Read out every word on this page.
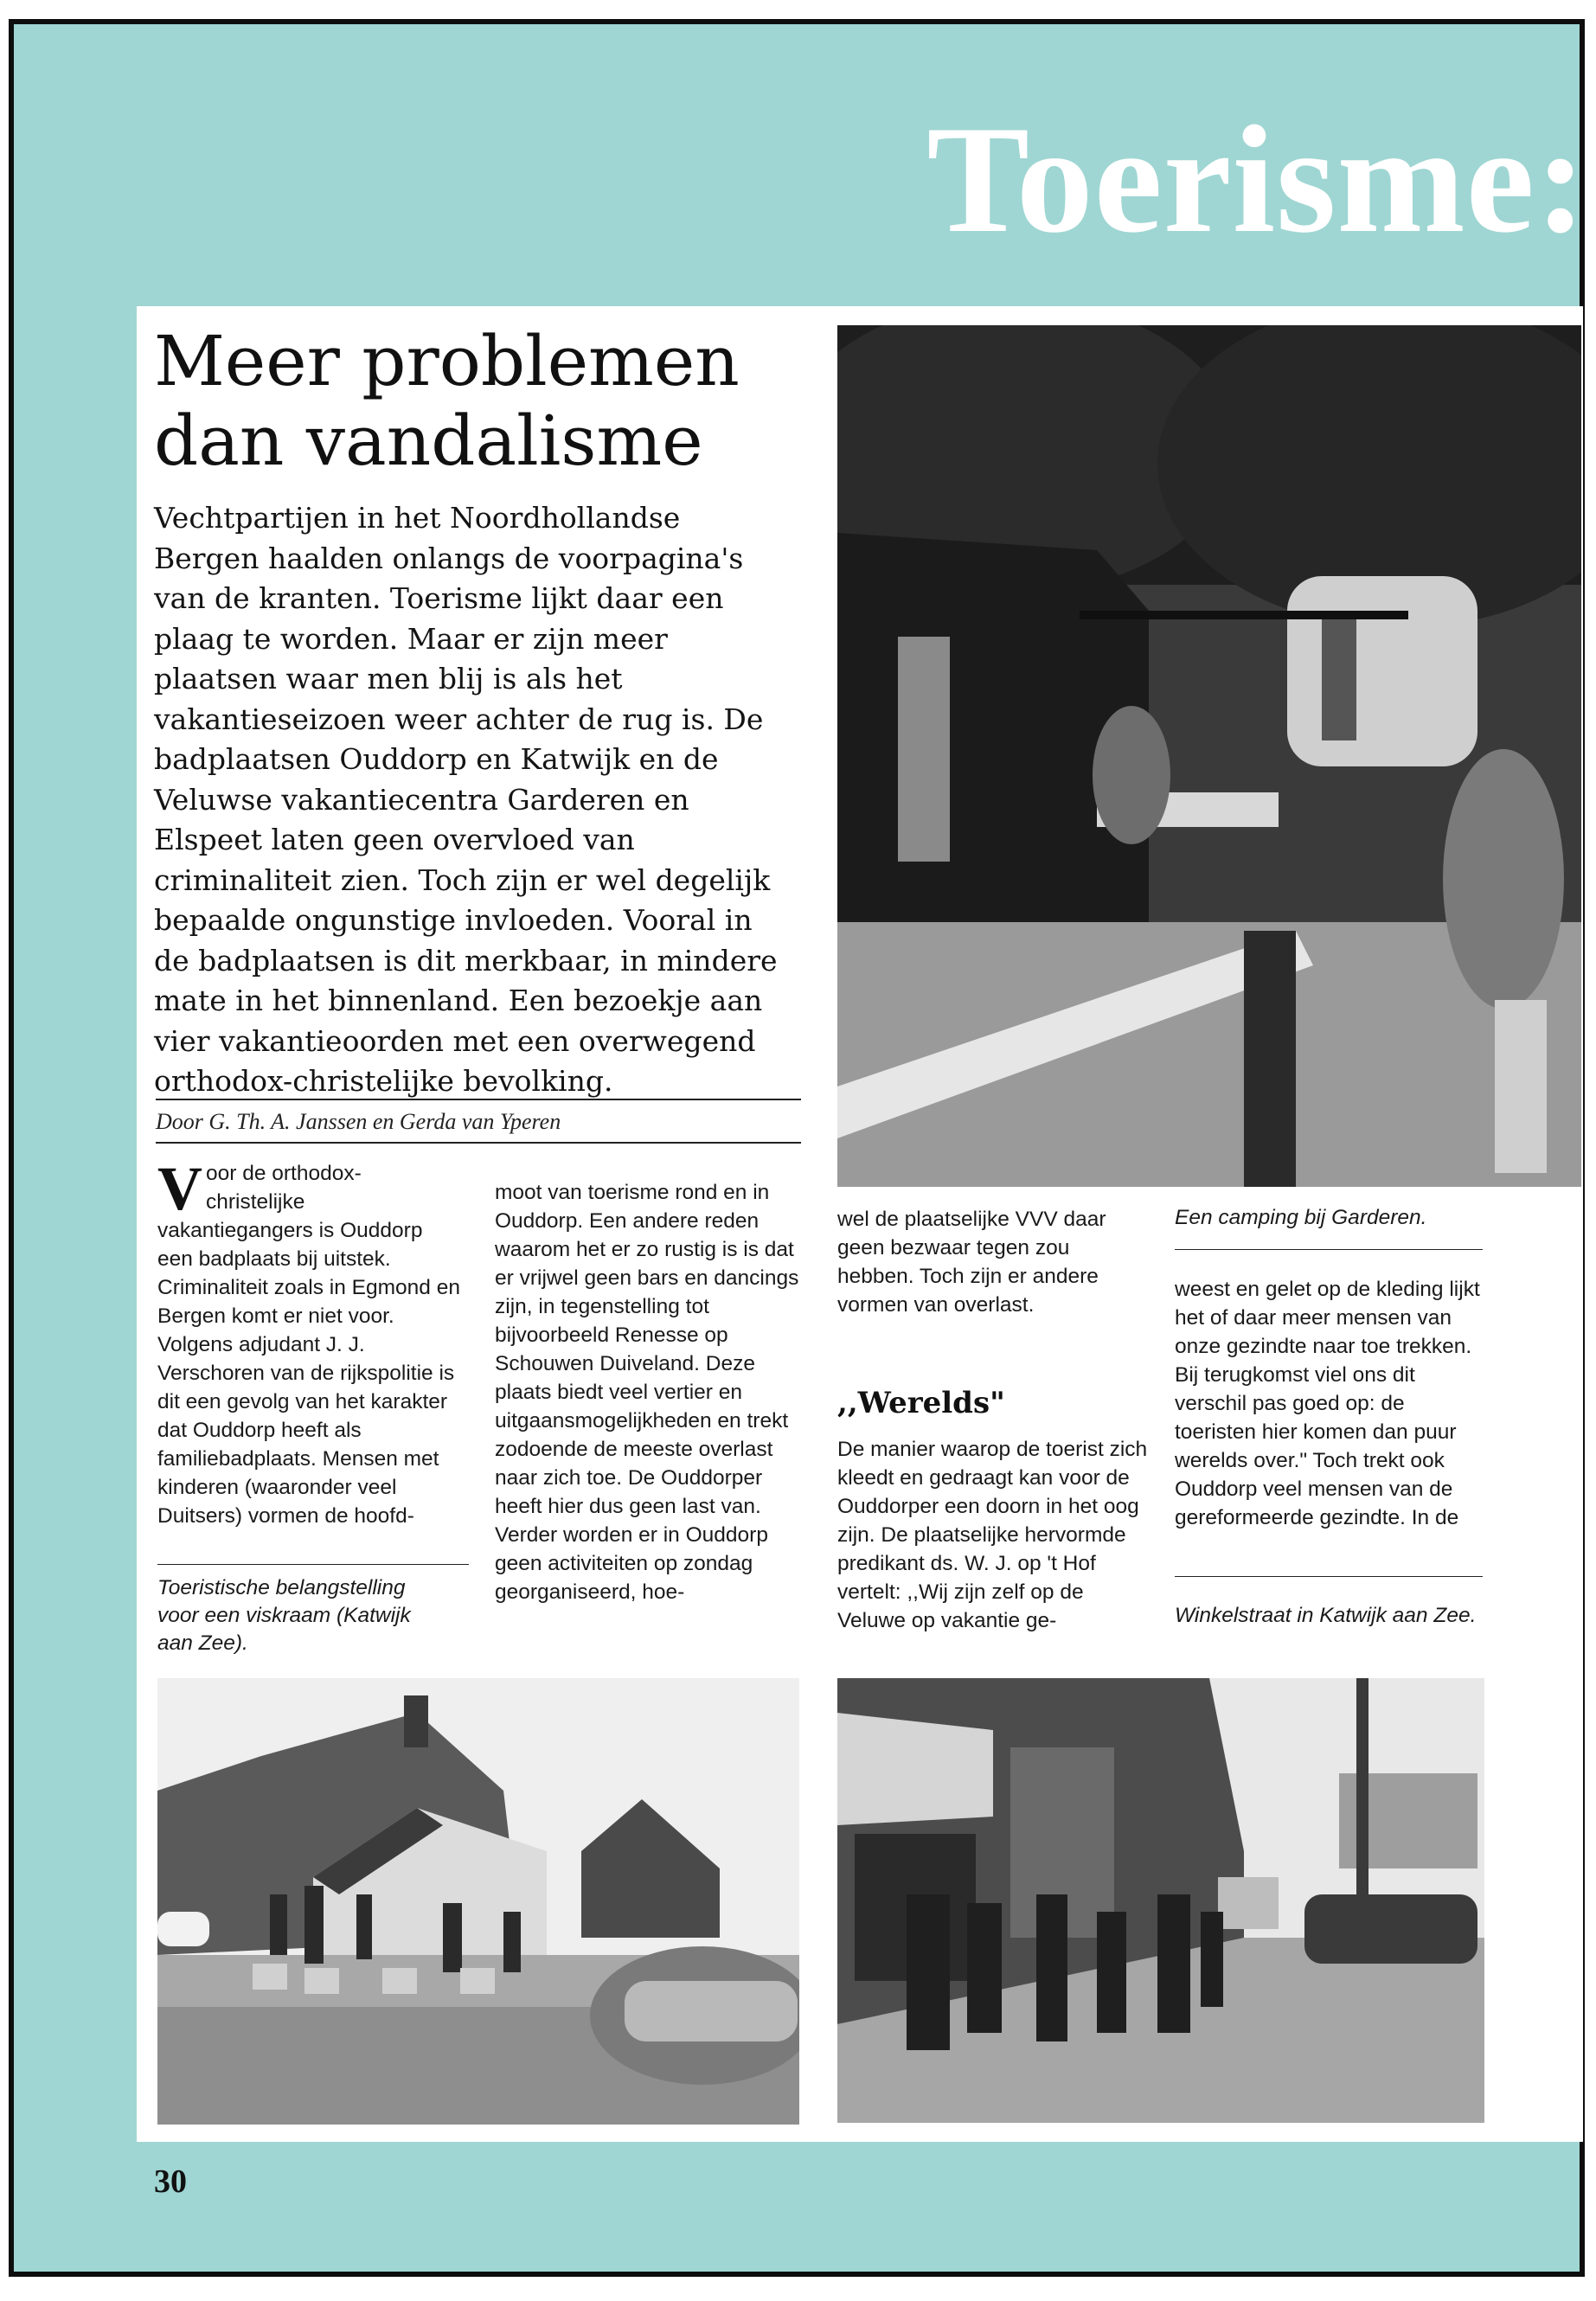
Toerisme:
Meer problemen dan vandalisme

Vechtpartijen in het Noordhollandse Bergen haalden onlangs de voorpagina's van de kranten. Toerisme lijkt daar een plaag te worden. Maar er zijn meer plaatsen waar men blij is als het vakantieseizoen weer achter de rug is. De badplaatsen Ouddorp en Katwijk en de Veluwse vakantiecentra Garderen en Elspeet laten geen overvloed van criminaliteit zien. Toch zijn er wel degelijk bepaalde ongunstige invloeden. Vooral in de badplaatsen is dit merkbaar, in mindere mate in het binnenland. Een bezoekje aan vier vakantieoorden met een overwegend orthodox-christelijke bevolking.

Door G. Th. A. Janssen en Gerda van Yperen

Voor de orthodox-christelijke vakantiegangers is Ouddorp een badplaats bij uitstek. Criminaliteit zoals in Egmond en Bergen komt er niet voor. Volgens adjudant J. J. Verschoren van de rijkspolitie is dit een gevolg van het karakter dat Ouddorp heeft als familiebadplaats. Mensen met kinderen (waaronder veel Duitsers) vormen de hoofd-

Toeristische belangstelling voor een viskraam (Katwijk aan Zee).

moot van toerisme rond en in Ouddorp. Een andere reden waarom het er zo rustig is is dat er vrijwel geen bars en dancings zijn, in tegenstelling tot bijvoorbeeld Renesse op Schouwen Duiveland. Deze plaats biedt veel vertier en uitgaansmogelijkheden en trekt zodoende de meeste overlast naar zich toe. De Ouddorper heeft hier dus geen last van. Verder worden er in Ouddorp geen activiteiten op zondag georganiseerd, hoe-

wel de plaatselijke VVV daar geen bezwaar tegen zou hebben. Toch zijn er andere vormen van overlast.

,,Werelds"

De manier waarop de toerist zich kleedt en gedraagt kan voor de Ouddorper een doorn in het oog zijn. De plaatselijke hervormde predikant ds. W. J. op 't Hof vertelt: ,,Wij zijn zelf op de Veluwe op vakantie ge-

Een camping bij Garderen.

weest en gelet op de kleding lijkt het of daar meer mensen van onze gezindte naar toe trekken. Bij terugkomst viel ons dit verschil pas goed op: de toeristen hier komen dan puur werelds over." Toch trekt ook Ouddorp veel mensen van de gereformeerde gezindte. In de

Winkelstraat in Katwijk aan Zee.

30
